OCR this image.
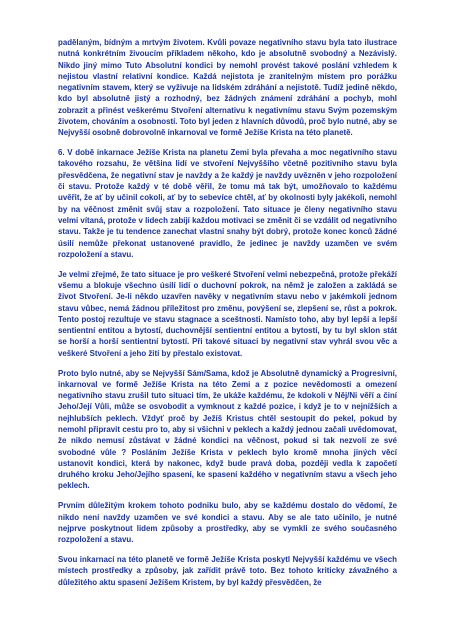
padělaným, bídným a mrtvým životem. Kvůli povaze negativního stavu byla tato ilustrace nutná konkrétním živoucím příkladem někoho, kdo je absolutně svobodný a Nezávislý. Nikdo jiný mimo Tuto Absolutní kondici by nemohl provést takové poslání vzhledem k nejistou vlastní relativní kondice. Každá nejistota je zranitelným místem pro porážku negativním stavem, který se vyživuje na lidském zdráhání a nejistotě. Tudíž jedině někdo, kdo byl absolutně jistý a rozhodný, bez žádných známení zdráhání a pochyb, mohl zobrazit a přinést veškerému Stvoření alternativu k negativnímu stavu Svým pozemským životem, chováním a osobností. Toto byl jeden z hlavních důvodů, proč bylo nutné, aby se Nejvyšší osobně dobrovolně inkarnoval ve formě Ježíše Krista na této planetě.

6. V době inkarnace Ježíše Krista na planetu Zemi byla převaha a moc negativního stavu takového rozsahu, že většina lidí ve stvoření Nejvyššího včetně pozitivního stavu byla přesvědčena, že negativní stav je navždy a že každý je navždy uvězněn v jeho rozpoložení či stavu. Protože každý v té době věřil, že tomu má tak být, umožňovalo to každému uvěřit, že ať by učinil cokoli, ať by to sebevíce chtěl, ať by okolnosti byly jakékoli, nemohl by na věčnost změnit svůj stav a rozpoložení. Tato situace je členy negativního stavu velmi vítaná, protože v lidech zabíjí každou motivaci se změnit či se vzdálit od negativního stavu. Takže je tu tendence zanechat vlastní snahy být dobrý, protože konec konců žádné úsilí nemůže překonat ustanovené pravidlo, že jedinec je navždy uzamčen ve svém rozpoložení a stavu.

Je velmi zřejmé, že tato situace je pro veškeré Stvoření velmi nebezpečná, protože překáží všemu a blokuje všechno úsilí lidí o duchovní pokrok, na němž je založen a zakládá se život Stvoření. Je-li někdo uzavřen navěky v negativním stavu nebo v jakémkoli jednom stavu vůbec, nemá žádnou příležitost pro změnu, povýšení se, zlepšení se, růst a pokrok. Tento postoj rezultuje ve stavu stagnace a sceštnosti. Namísto toho, aby byl lepší a lepší sentientní entitou a bytostí, duchovnější sentientní entitou a bytostí, by tu byl sklon stát se horší a horší sentientní bytostí. Při takové situaci by negativní stav vyhrál svou věc a veškeré Stvoření a jeho žití by přestalo existovat.

Proto bylo nutné, aby se Nejvyšší Sám/Sama, kdož je Absolutně dynamický a Progresivní, inkarnoval ve formě Ježíše Krista na této Zemi a z pozice nevědomosti a omezení negativního stavu zrušil tuto situaci tím, že ukáže každému, že kdokoli v Něj/Ni věří a činí Jeho/Její Vůli, může se osvobodit a vymknout z každé pozice, i když je to v nejnižších a nejhlubších peklech. Vždyť proč by Ježíš Kristus chtěl sestoupit do pekel, pokud by nemohl připravit cestu pro to, aby si všichni v peklech a každý jednou začali uvědomovat, že nikdo nemusí zůstávat v žádné kondici na věčnost, pokud si tak nezvolí ze své svobodné vůle ? Posláním Ježíše Krista v peklech bylo kromě mnoha jiných věcí ustanovit kondici, která by nakonec, když bude pravá doba, později vedla k započetí druhého kroku Jeho/Jejího spasení, ke spasení každého v negativním stavu a všech jeho peklech.

Prvním důležitým krokem tohoto podniku bulo, aby se každému dostalo do vědomí, že nikdo není navždy uzamčen ve své kondici a stavu. Aby se ale tato učinilo, je nutné nejprve poskytnout lidem způsoby a prostředky, aby se vymkli ze svého současného rozpoložení a stavu.

Svou inkarnací na této planetě ve formě Ježíše Krista poskytl Nejvyšší každému ve všech místech prostředky a způsoby, jak zařídit právě toto. Bez tohoto kriticky závažného a důležitého aktu spasení Ježíšem Kristem, by byl každý přesvědčen, že
